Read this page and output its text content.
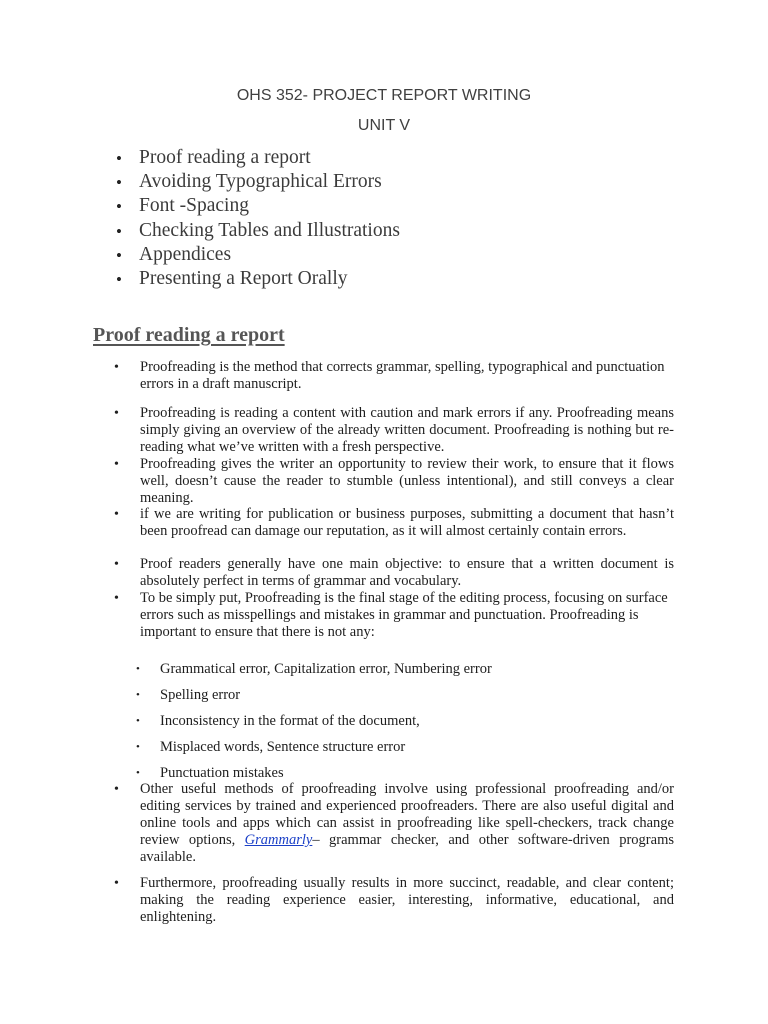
OHS 352- PROJECT REPORT WRITING
UNIT V
• Proof reading a report
• Avoiding Typographical Errors
• Font -Spacing
• Checking Tables and Illustrations
• Appendices
• Presenting a Report Orally
Proof reading a report
• Proofreading is the method that corrects grammar, spelling, typographical and punctuation errors in a draft manuscript.
• Proofreading is reading a content with caution and mark errors if any. Proofreading means simply giving an overview of the already written document. Proofreading is nothing but re-reading what we’ve written with a fresh perspective.
• Proofreading gives the writer an opportunity to review their work, to ensure that it flows well, doesn’t cause the reader to stumble (unless intentional), and still conveys a clear meaning.
• if we are writing for publication or business purposes, submitting a document that hasn’t been proofread can damage our reputation, as it will almost certainly contain errors.
• Proof readers generally have one main objective: to ensure that a written document is absolutely perfect in terms of grammar and vocabulary.
• To be simply put, Proofreading is the final stage of the editing process, focusing on surface errors such as misspellings and mistakes in grammar and punctuation. Proofreading is important to ensure that there is not any:
• Grammatical error, Capitalization error, Numbering error
• Spelling error
• Inconsistency in the format of the document,
• Misplaced words, Sentence structure error
• Punctuation mistakes
• Other useful methods of proofreading involve using professional proofreading and/or editing services by trained and experienced proofreaders. There are also useful digital and online tools and apps which can assist in proofreading like spell-checkers, track change review options, Grammarly– grammar checker, and other software-driven programs available.
• Furthermore, proofreading usually results in more succinct, readable, and clear content; making the reading experience easier, interesting, informative, educational, and enlightening.
